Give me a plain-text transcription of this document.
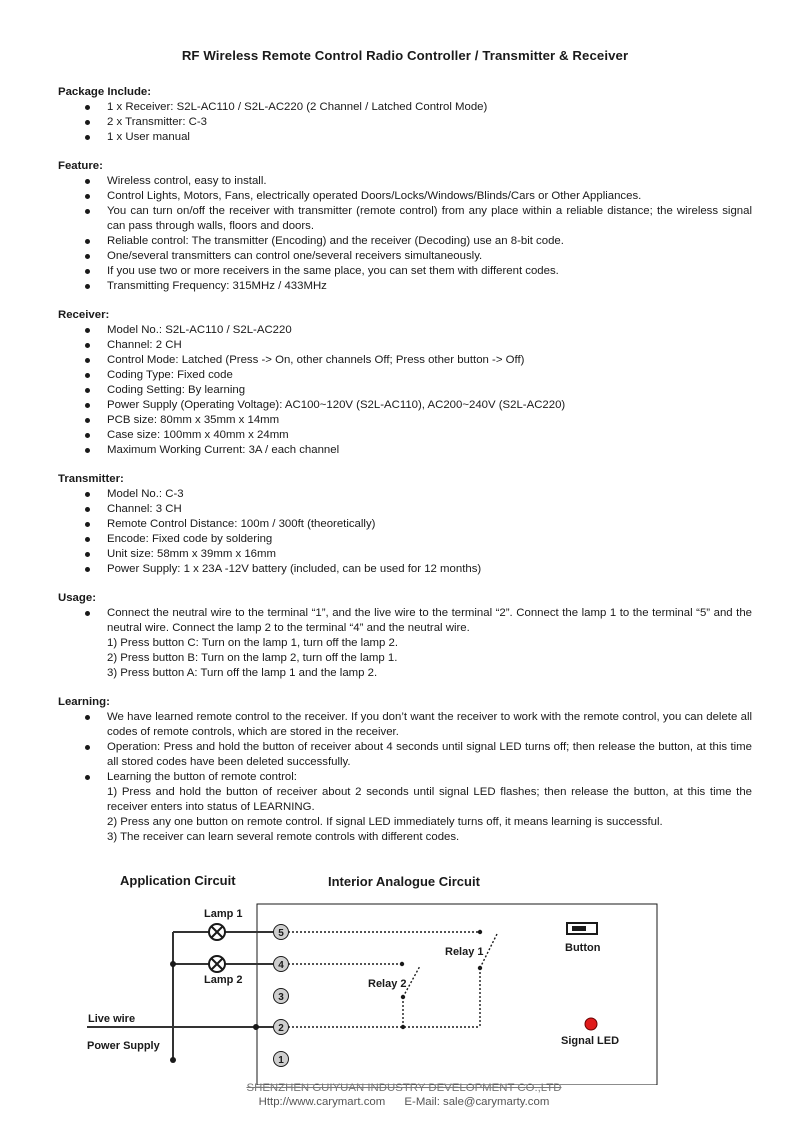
RF Wireless Remote Control Radio Controller / Transmitter & Receiver
Package Include:
1 x Receiver: S2L-AC110 / S2L-AC220 (2 Channel / Latched Control Mode)
2 x Transmitter: C-3
1 x User manual
Feature:
Wireless control, easy to install.
Control Lights, Motors, Fans, electrically operated Doors/Locks/Windows/Blinds/Cars or Other Appliances.
You can turn on/off the receiver with transmitter (remote control) from any place within a reliable distance; the wireless signal can pass through walls, floors and doors.
Reliable control: The transmitter (Encoding) and the receiver (Decoding) use an 8-bit code.
One/several transmitters can control one/several receivers simultaneously.
If you use two or more receivers in the same place, you can set them with different codes.
Transmitting Frequency: 315MHz / 433MHz
Receiver:
Model No.: S2L-AC110 / S2L-AC220
Channel: 2 CH
Control Mode: Latched (Press -> On, other channels Off; Press other button -> Off)
Coding Type: Fixed code
Coding Setting: By learning
Power Supply (Operating Voltage): AC100~120V (S2L-AC110), AC200~240V (S2L-AC220)
PCB size: 80mm x 35mm x 14mm
Case size: 100mm x 40mm x 24mm
Maximum Working Current: 3A / each channel
Transmitter:
Model No.: C-3
Channel: 3 CH
Remote Control Distance: 100m / 300ft (theoretically)
Encode: Fixed code by soldering
Unit size: 58mm x 39mm x 16mm
Power Supply: 1 x 23A -12V battery (included, can be used for 12 months)
Usage:
Connect the neutral wire to the terminal “1”, and the live wire to the terminal “2”. Connect the lamp 1 to the terminal “5” and the neutral wire. Connect the lamp 2 to the terminal “4” and the neutral wire.
1) Press button C: Turn on the lamp 1, turn off the lamp 2.
2) Press button B: Turn on the lamp 2, turn off the lamp 1.
3) Press button A: Turn off the lamp 1 and the lamp 2.
Learning:
We have learned remote control to the receiver. If you don’t want the receiver to work with the remote control, you can delete all codes of remote controls, which are stored in the receiver.
Operation: Press and hold the button of receiver about 4 seconds until signal LED turns off; then release the button, at this time all stored codes have been deleted successfully.
Learning the button of remote control:
1) Press and hold the button of receiver about 2 seconds until signal LED flashes; then release the button, at this time the receiver enters into status of LEARNING.
2) Press any one button on remote control. If signal LED immediately turns off, it means learning is successful.
3) The receiver can learn several remote controls with different codes.
Application Circuit	Interior Analogue Circuit
Lamp 1
Lamp 2
Live wire
Power Supply
Relay 1
Relay 2
5
4
3
2
1
Button
Signal LED
SHENZHEN GUIYUAN INDUSTRY DEVELOPMENT CO.,LTD
Http://www.carymart.com E-Mail: sale@carymarty.com
